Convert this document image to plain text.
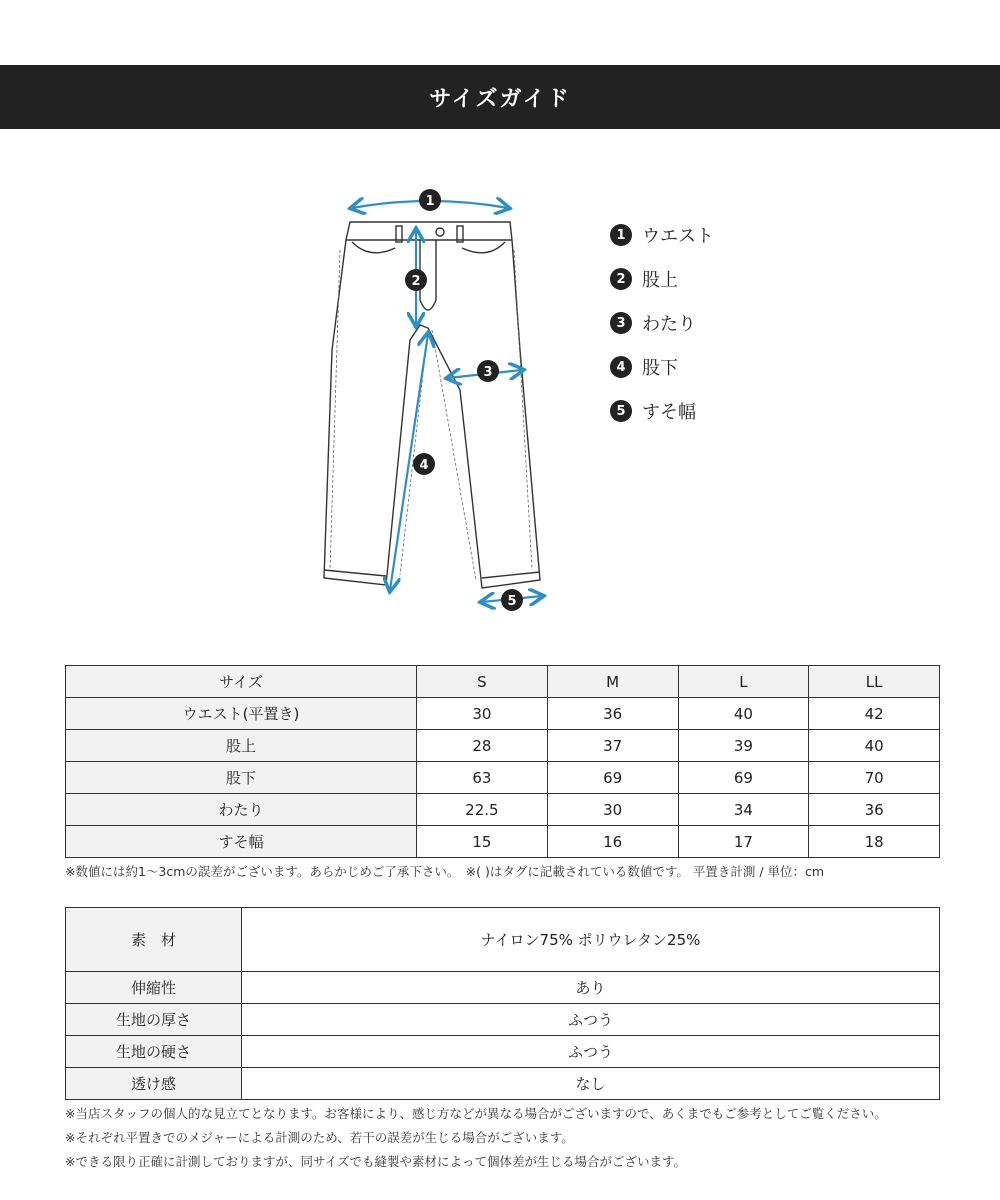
サイズガイド
1
2
3
4
5
1 ウエスト
2 股上
3 わたり
4 股下
5 すそ幅
サイズ	S	M	L	LL
ウエスト(平置き)	30	36	40	42
股上	28	37	39	40
股下	63	69	69	70
わたり	22.5	30	34	36
すそ幅	15	16	17	18
※数値には約1〜3cmの誤差がございます。あらかじめご了承下さい。　※( )はタグに記載されている数値です。 平置き計測 / 単位：cm
素　材	ナイロン75% ポリウレタン25%
伸縮性	あり
生地の厚さ	ふつう
生地の硬さ	ふつう
透け感	なし
※当店スタッフの個人的な見立てとなります。お客様により、感じ方などが異なる場合がございますので、あくまでもご参考としてご覧ください。
※それぞれ平置きでのメジャーによる計測のため、若干の誤差が生じる場合がございます。
※できる限り正確に計測しておりますが、同サイズでも縫製や素材によって個体差が生じる場合がございます。
